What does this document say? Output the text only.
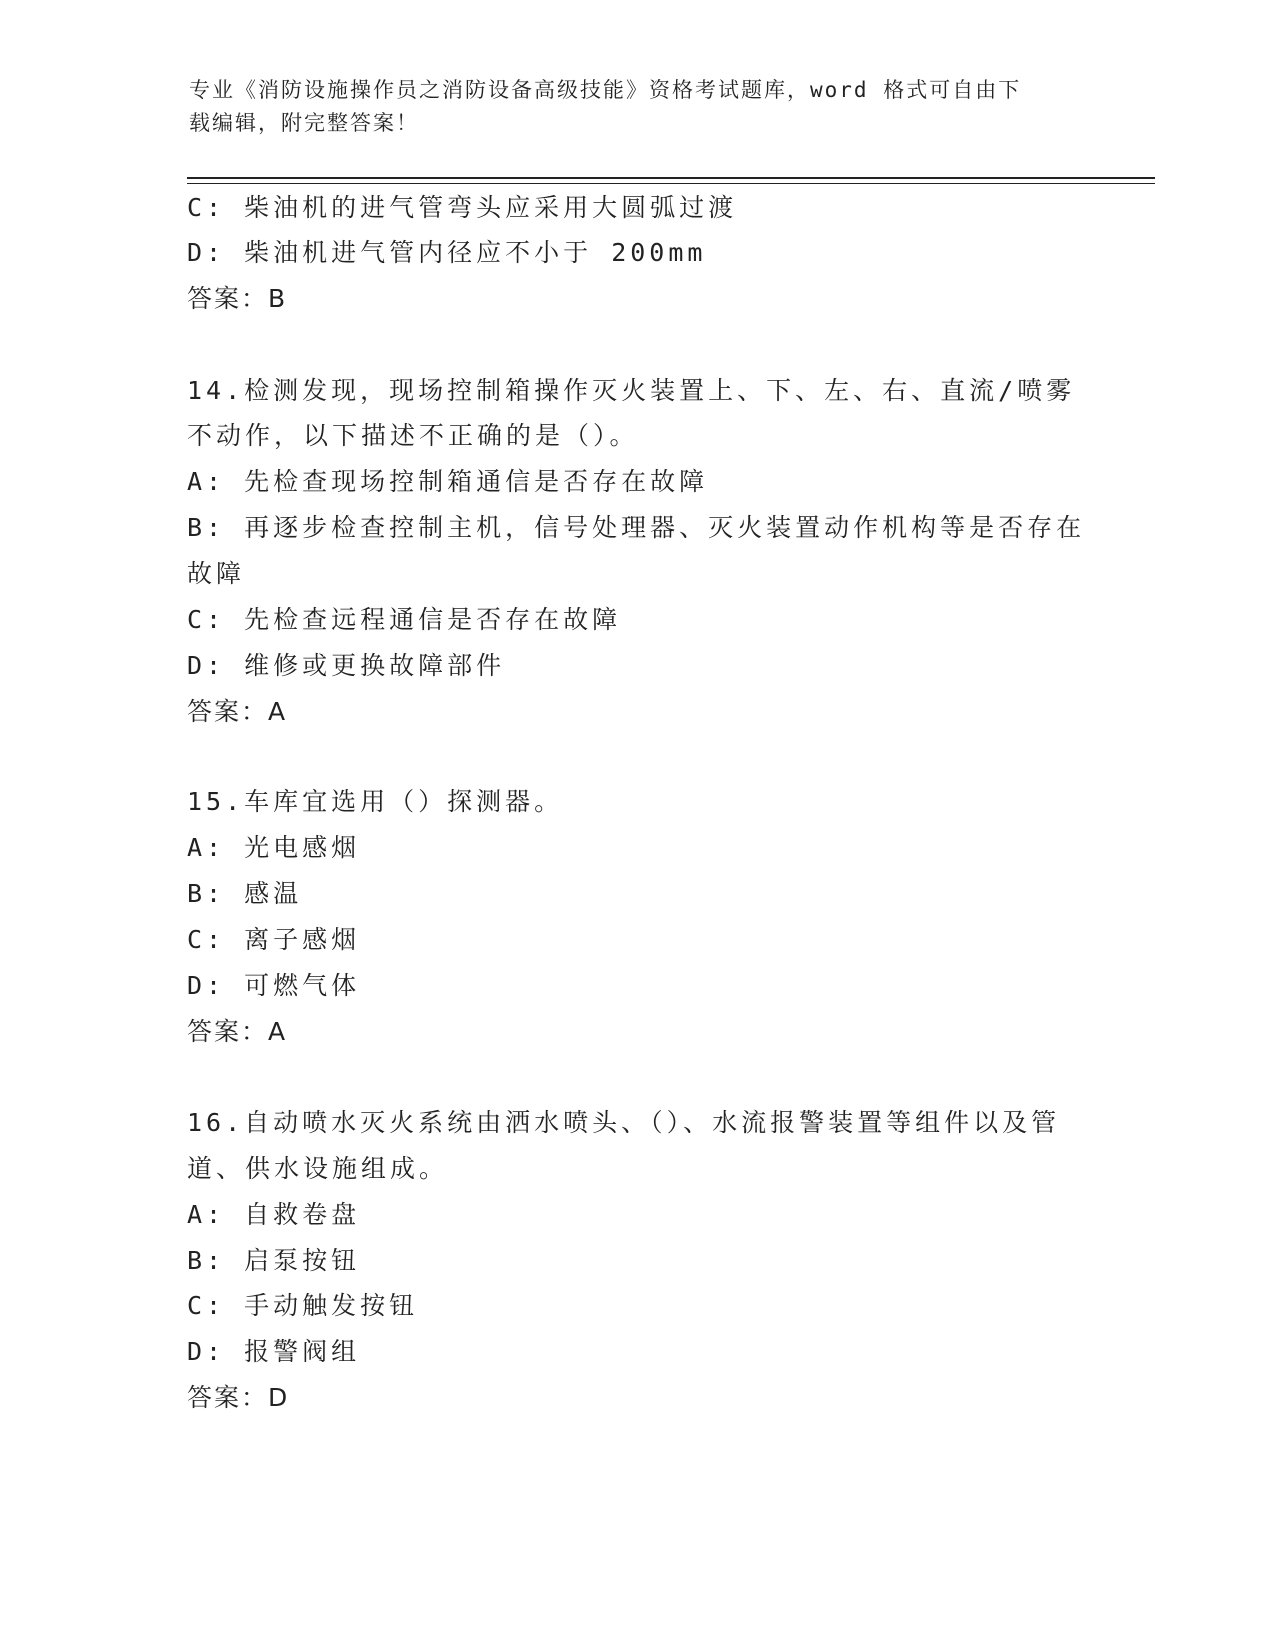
专业《消防设施操作员之消防设备高级技能》资格考试题库，word 格式可自由下
载编辑，附完整答案！

C: 柴油机的进气管弯头应采用大圆弧过渡

D: 柴油机进气管内径应不小于 200mm

答案：B

14.检测发现，现场控制箱操作灭火装置上、下、左、右、直流/喷雾

不动作，以下描述不正确的是（）。

A: 先检查现场控制箱通信是否存在故障

B: 再逐步检查控制主机，信号处理器、灭火装置动作机构等是否存在

故障

C: 先检查远程通信是否存在故障

D: 维修或更换故障部件

答案：A

15.车库宜选用（）探测器。

A: 光电感烟

B: 感温

C: 离子感烟

D: 可燃气体

答案：A

16.自动喷水灭火系统由洒水喷头、（）、水流报警装置等组件以及管

道、供水设施组成。

A: 自救卷盘

B: 启泵按钮

C: 手动触发按钮

D: 报警阀组

答案：D
